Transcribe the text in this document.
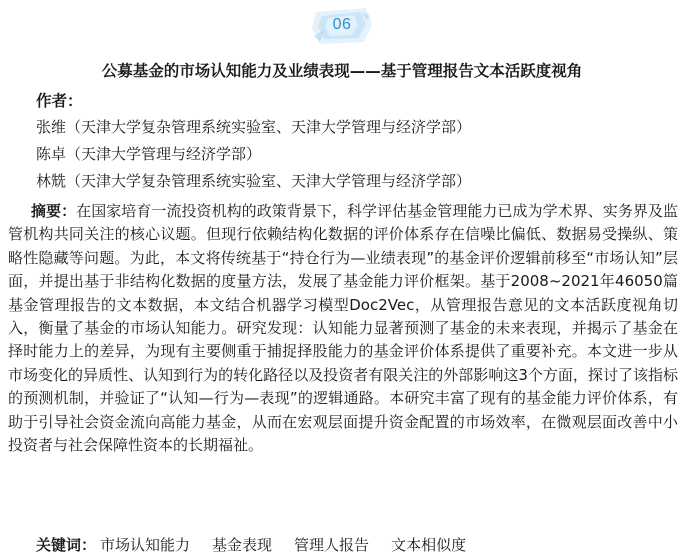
06
公募基金的市场认知能力及业绩表现——基于管理报告文本活跃度视角
作者：
张维（天津大学复杂管理系统实验室、天津大学管理与经济学部）
陈卓（天津大学管理与经济学部）
林兟（天津大学复杂管理系统实验室、天津大学管理与经济学部）
摘要：在国家培育一流投资机构的政策背景下，科学评估基金管理能力已成为学术界、实务界及监管机构共同关注的核心议题。但现行依赖结构化数据的评价体系存在信噪比偏低、数据易受操纵、策略性隐藏等问题。为此，本文将传统基于“持仓行为—业绩表现”的基金评价逻辑前移至“市场认知”层面，并提出基于非结构化数据的度量方法，发展了基金能力评价框架。基于2008~2021年46050篇基金管理报告的文本数据，本文结合机器学习模型Doc2Vec，从管理报告意见的文本活跃度视角切入，衡量了基金的市场认知能力。研究发现：认知能力显著预测了基金的未来表现，并揭示了基金在择时能力上的差异，为现有主要侧重于捕捉择股能力的基金评价体系提供了重要补充。本文进一步从市场变化的异质性、认知到行为的转化路径以及投资者有限关注的外部影响这3个方面，探讨了该指标的预测机制，并验证了“认知—行为—表现”的逻辑通路。本研究丰富了现有的基金能力评价体系，有助于引导社会资金流向高能力基金，从而在宏观层面提升资金配置的市场效率，在微观层面改善中小投资者与社会保障性资本的长期福祉。
关键词： 市场认知能力 基金表现 管理人报告 文本相似度
